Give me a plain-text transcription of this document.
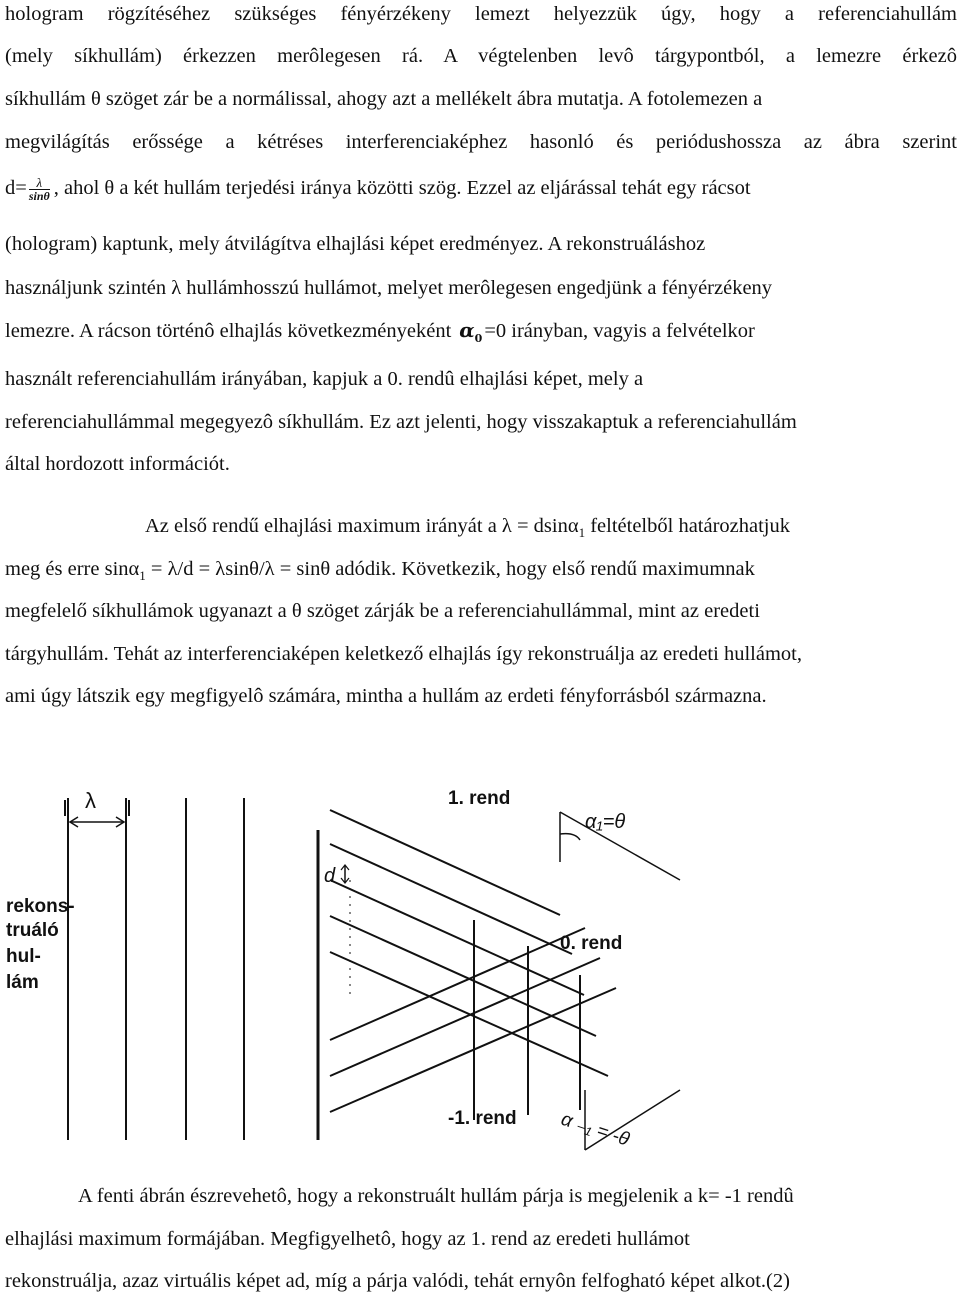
hologram rögzítéséhez szükséges fényérzékeny lemezt helyezzük úgy, hogy a referenciahullám
(mely síkhullám) érkezzen merôlegesen rá. A végtelenben levô tárgypontból, a lemezre érkezô
síkhullám θ szöget zár be a normálissal, ahogy azt a mellékelt ábra mutatja. A fotolemezen a
megvilágítás erőssége a kétréses interferenciaképhez hasonló és periódushossza az ábra szerint
$d= \frac{\lambda}{\sin\theta}$ , ahol θ a két hullám terjedési iránya közötti szög. Ezzel az eljárással tehát egy rácsot
(hologram) kaptunk, mely átvilágítva elhajlási képet eredményez. A rekonstruáláshoz
használjunk szintén λ hullámhosszú hullámot, melyet merôlegesen engedjünk a fényérzékeny
lemezre. A rácson történô elhajlás következményeként $\alpha_0=0$ irányban, vagyis a felvételkor
használt referenciahullám irányában, kapjuk a 0. rendû elhajlási képet, mely a
referenciahullámmal megegyezô síkhullám. Ez azt jelenti, hogy visszakaptuk a referenciahullám
által hordozott információt.
Az első rendű elhajlási maximum irányát a λ = dsinα$_1$ feltételből határozhatjuk
meg és erre sinα$_1$ = λ/d = λsinθ/λ = sinθ adódik. Következik, hogy első rendű maximumnak
megfelelő síkhullámok ugyanazt a θ szöget zárják be a referenciahullámmal, mint az eredeti
tárgyhullám. Tehát az interferenciaképen keletkező elhajlás így rekonstruálja az eredeti hullámot,
ami úgy látszik egy megfigyelô számára, mintha a hullám az erdeti fényforrásból származna.
λ
rekons-
truáló
hul-
lám
1. rend
0. rend
-1. rend
d
α₁=θ
α ₋₁ = -θ
A fenti ábrán észrevehetô, hogy a rekonstruált hullám párja is megjelenik a k= -1 rendû
elhajlási maximum formájában. Megfigyelhetô, hogy az 1. rend az eredeti hullámot
rekonstruálja, azaz virtuális képet ad, míg a párja valódi, tehát ernyôn felfogható képet alkot.(2)
